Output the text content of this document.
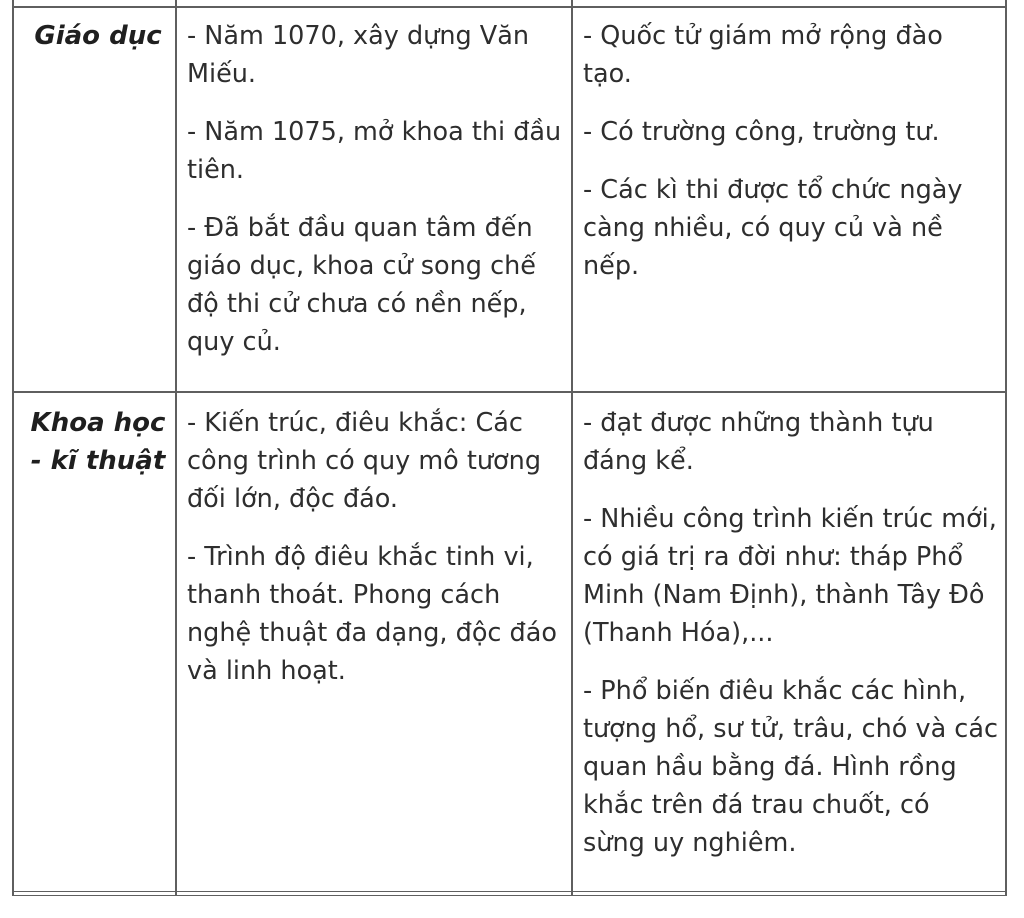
Giáo dục - Năm 1070, xây dựng Văn Miếu.

- Năm 1075, mở khoa thi đầu tiên.

- Đã bắt đầu quan tâm đến giáo dục, khoa cử song chế độ thi cử chưa có nền nếp, quy củ.

- Quốc tử giám mở rộng đào tạo.

- Có trường công, trường tư.

- Các kì thi được tổ chức ngày càng nhiều, có quy củ và nề nếp.

Khoa học
- kĩ thuật

- Kiến trúc, điêu khắc: Các công trình có quy mô tương đối lớn, độc đáo.

- Trình độ điêu khắc tinh vi, thanh thoát. Phong cách nghệ thuật đa dạng, độc đáo và linh hoạt.

- đạt được những thành tựu đáng kể.

- Nhiều công trình kiến trúc mới, có giá trị ra đời như: tháp Phổ Minh (Nam Định), thành Tây Đô (Thanh Hóa),...

- Phổ biến điêu khắc các hình, tượng hổ, sư tử, trâu, chó và các quan hầu bằng đá. Hình rồng khắc trên đá trau chuốt, có sừng uy nghiêm.
